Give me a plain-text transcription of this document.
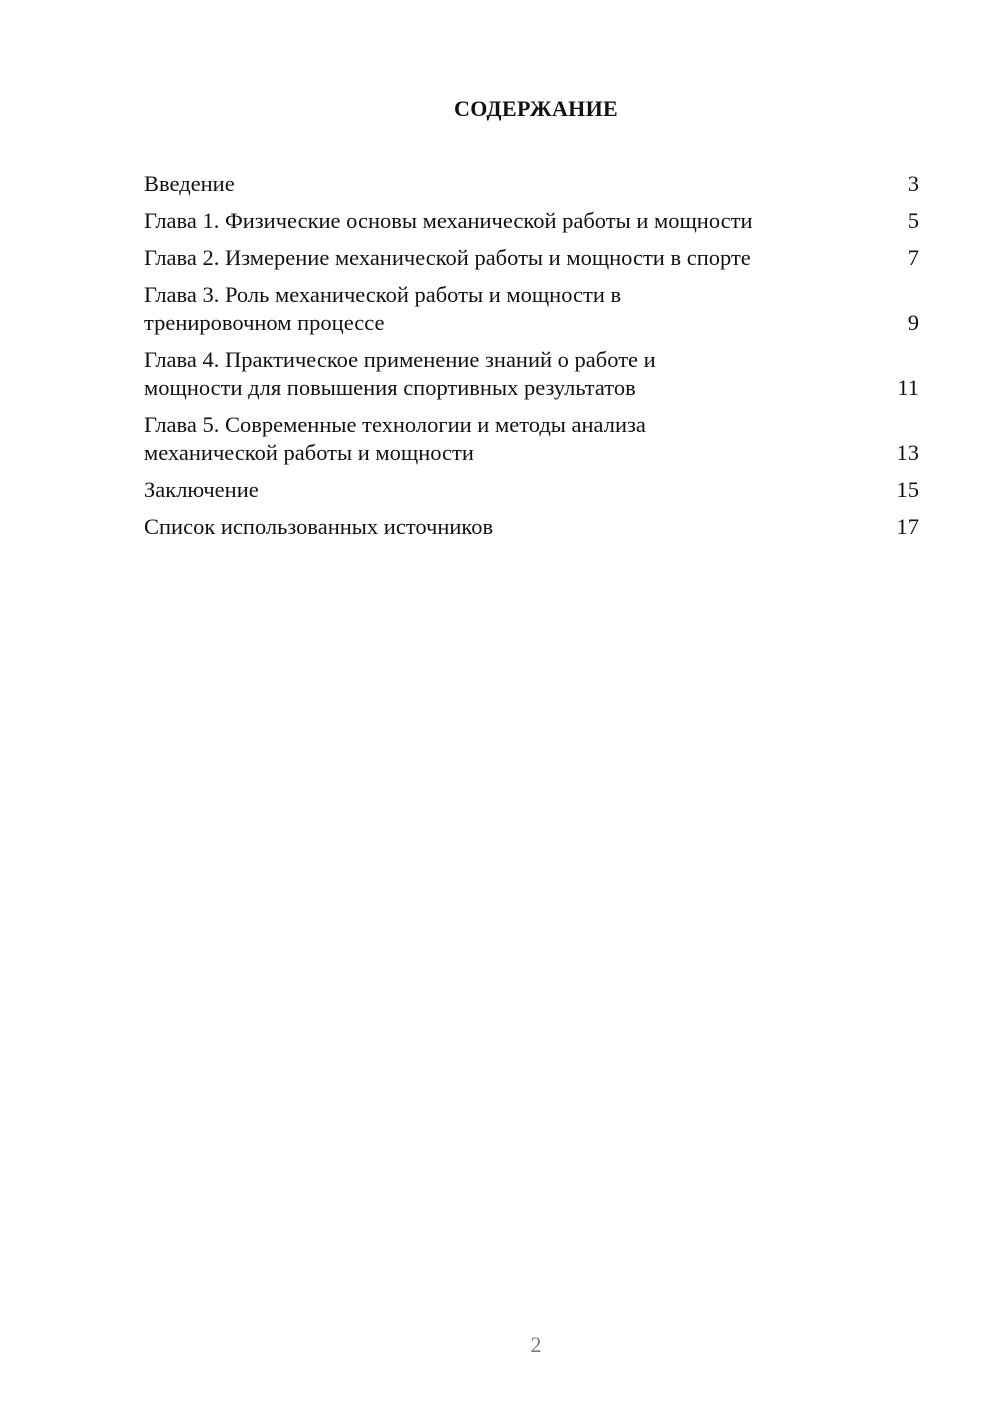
СОДЕРЖАНИЕ
Введение	3
Глава 1. Физические основы механической работы и мощности	5
Глава 2. Измерение механической работы и мощности в спорте	7
Глава 3. Роль механической работы и мощности в
тренировочном процессе	9
Глава 4. Практическое применение знаний о работе и
мощности для повышения спортивных результатов	11
Глава 5. Современные технологии и методы анализа
механической работы и мощности	13
Заключение	15
Список использованных источников	17
2
